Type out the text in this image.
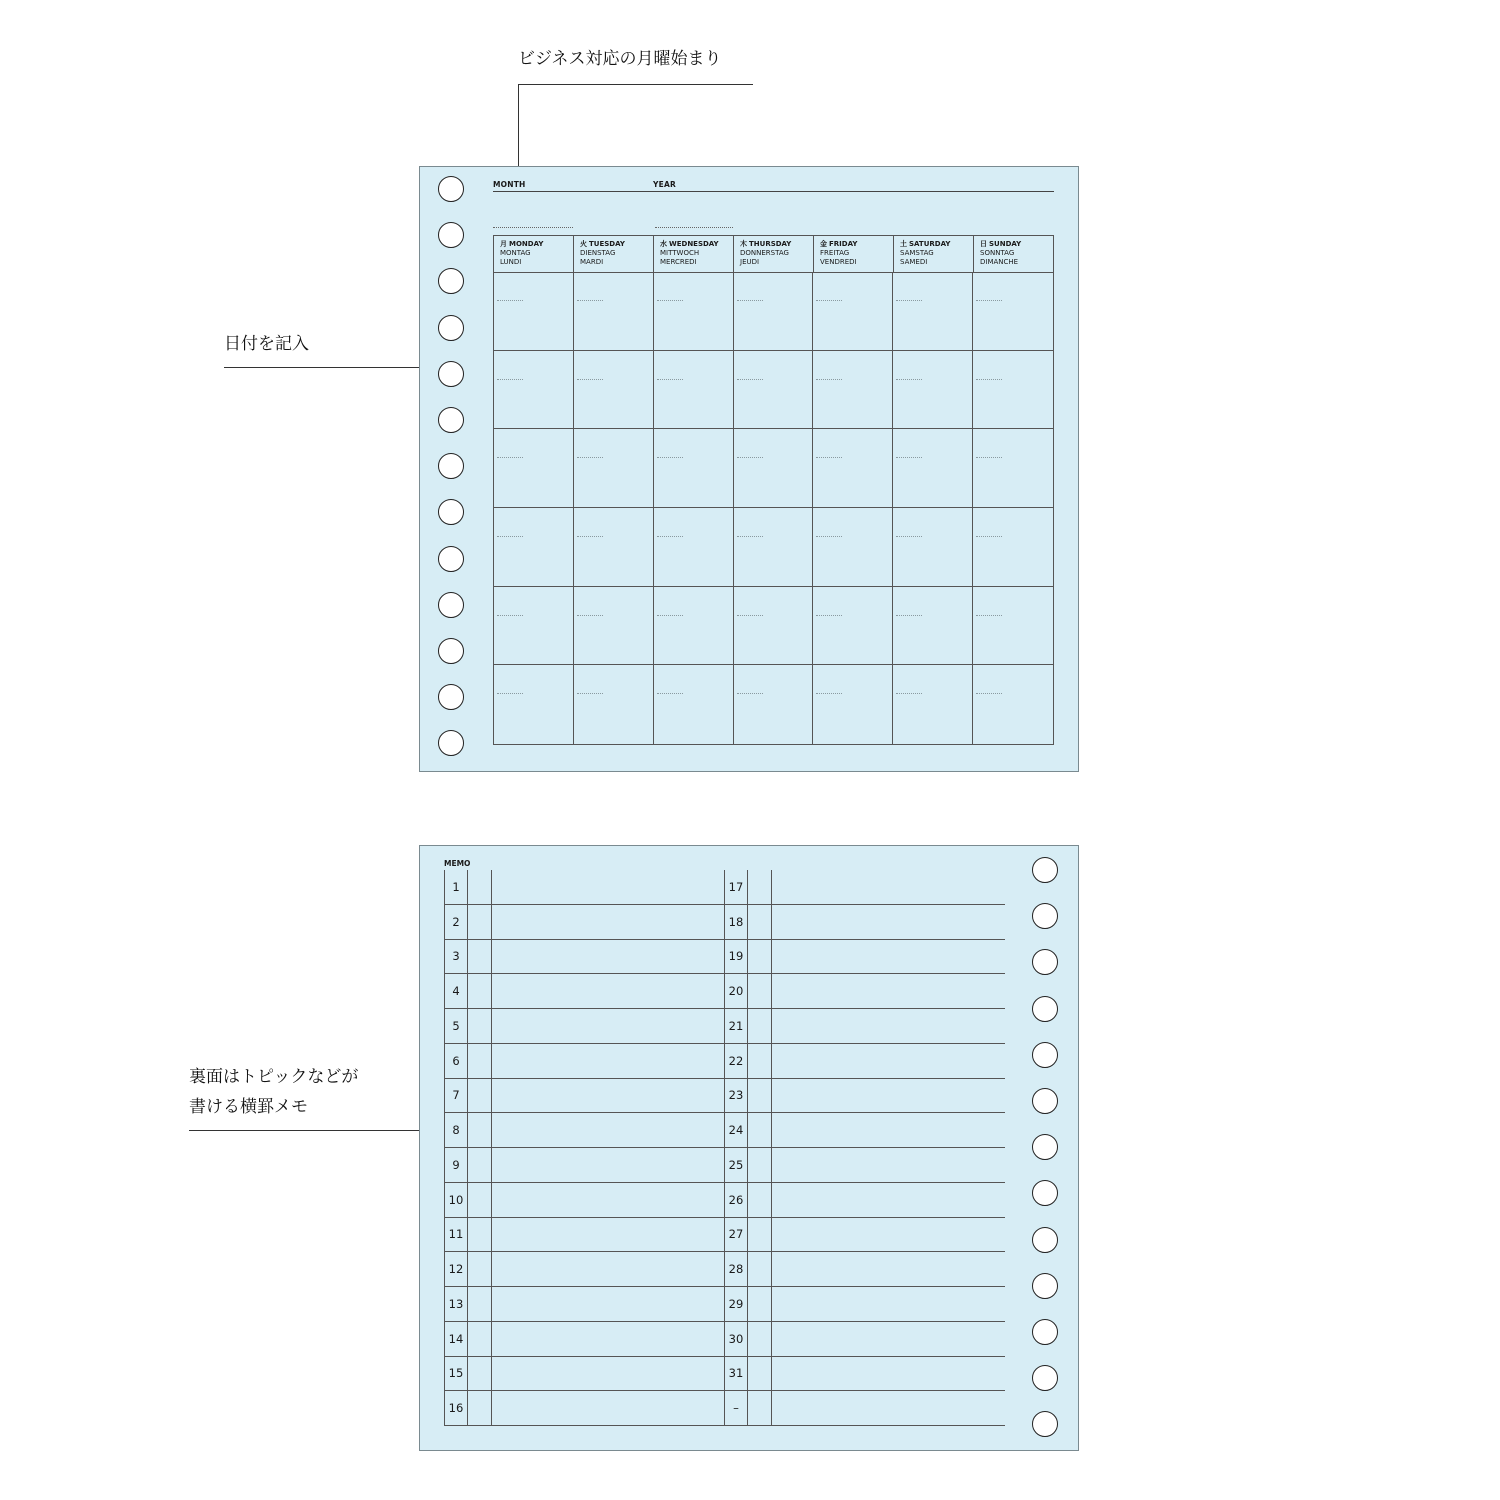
ビジネス対応の月曜始まり
日付を記入
裏面はトピックなどが
書ける横罫メモ
MONTH	YEAR
月 MONDAY
MONTAG
LUNDI
火 TUESDAY
DIENSTAG
MARDI
水 WEDNESDAY
MITTWOCH
MERCREDI
木 THURSDAY
DONNERSTAG
JEUDI
金 FRIDAY
FREITAG
VENDREDI
土 SATURDAY
SAMSTAG
SAMEDI
日 SUNDAY
SONNTAG
DIMANCHE
MEMO
1
2
3
4
5
6
7
8
9
10
11
12
13
14
15
16
17
18
19
20
21
22
23
24
25
26
27
28
29
30
31
–
